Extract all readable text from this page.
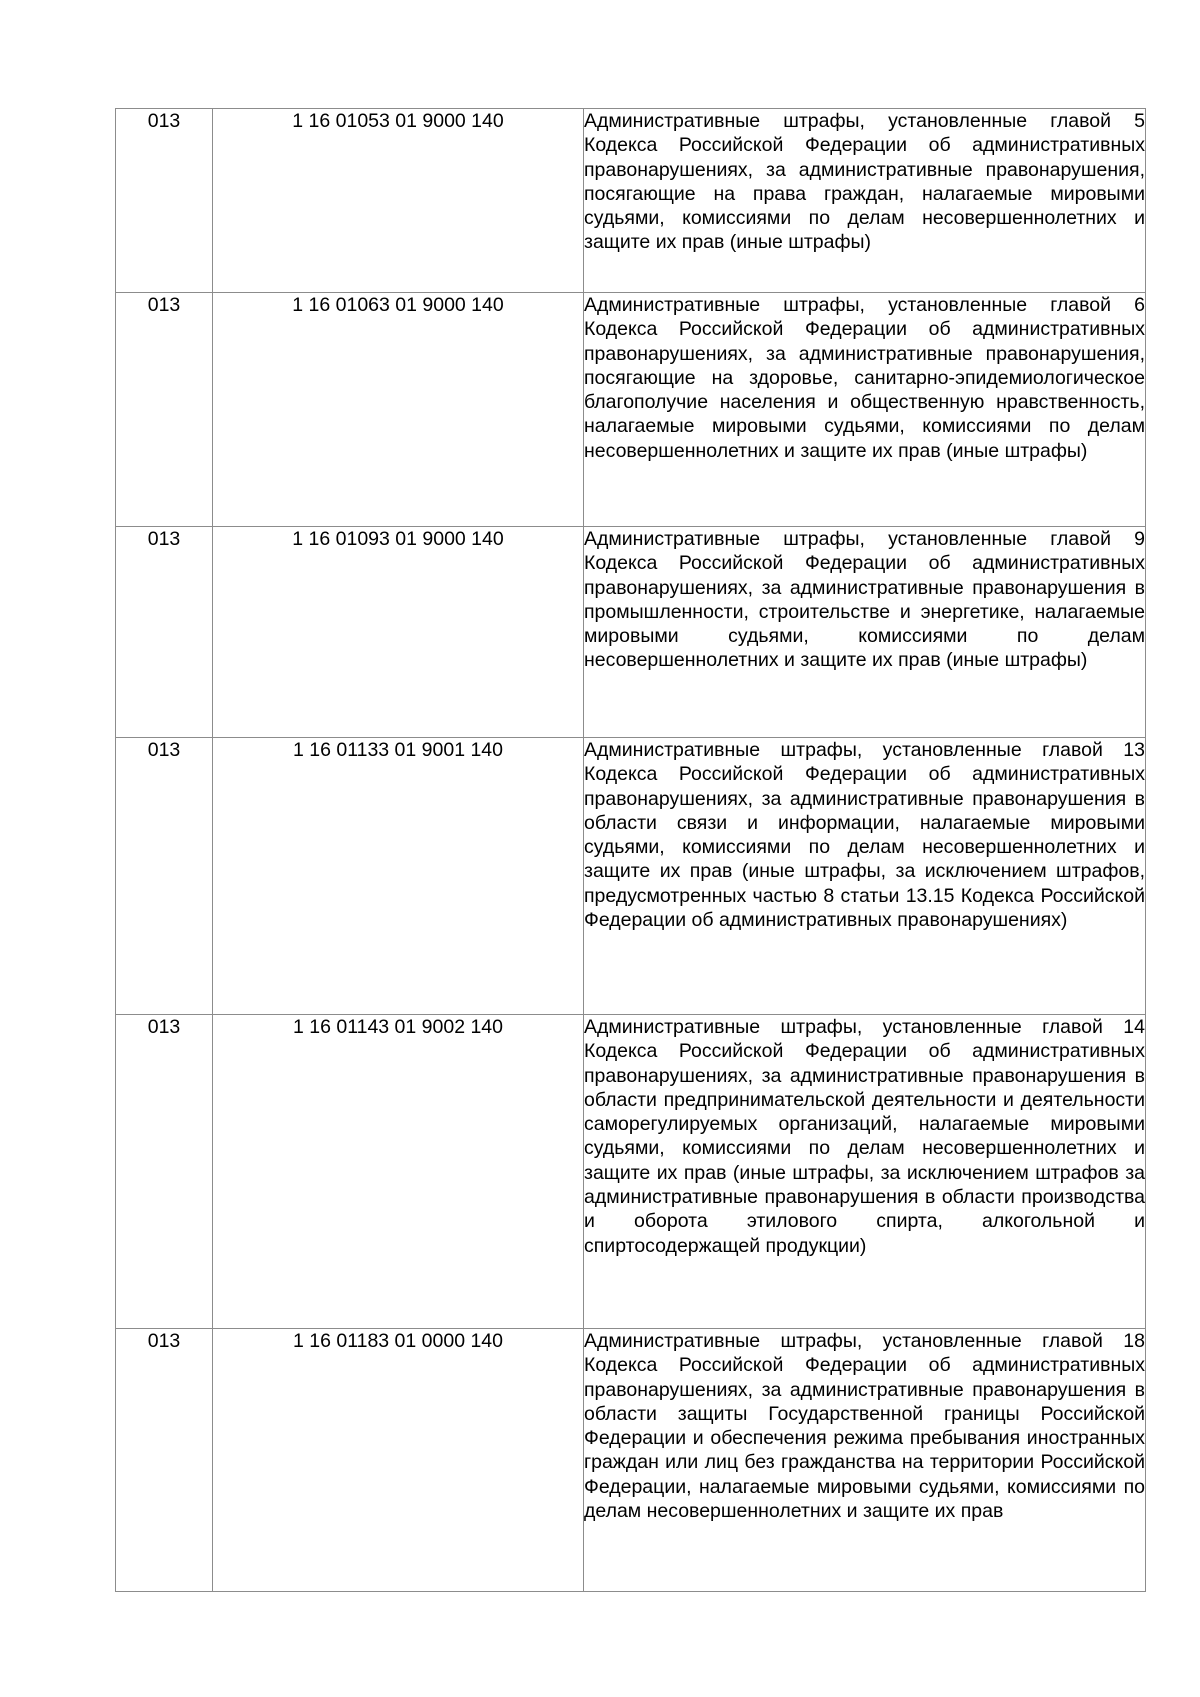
013	1 16 01053 01 9000 140	Административные штрафы, установленные главой 5 Кодекса Российской Федерации об административных правонарушениях, за административные правонарушения, посягающие на права граждан, налагаемые мировыми судьями, комиссиями по делам несовершеннолетних и защите их прав (иные штрафы)
013	1 16 01063 01 9000 140	Административные штрафы, установленные главой 6 Кодекса Российской Федерации об административных правонарушениях, за административные правонарушения, посягающие на здоровье, санитарно-эпидемиологическое благополучие населения и общественную нравственность, налагаемые мировыми судьями, комиссиями по делам несовершеннолетних и защите их прав (иные штрафы)
013	1 16 01093 01 9000 140	Административные штрафы, установленные главой 9 Кодекса Российской Федерации об административных правонарушениях, за административные правонарушения в промышленности, строительстве и энергетике, налагаемые мировыми судьями, комиссиями по делам несовершеннолетних и защите их прав (иные штрафы)
013	1 16 01133 01 9001 140	Административные штрафы, установленные главой 13 Кодекса Российской Федерации об административных правонарушениях, за административные правонарушения в области связи и информации, налагаемые мировыми судьями, комиссиями по делам несовершеннолетних и защите их прав (иные штрафы, за исключением штрафов, предусмотренных частью 8 статьи 13.15 Кодекса Российской Федерации об административных правонарушениях)
013	1 16 01143 01 9002 140	Административные штрафы, установленные главой 14 Кодекса Российской Федерации об административных правонарушениях, за административные правонарушения в области предпринимательской деятельности и деятельности саморегулируемых организаций, налагаемые мировыми судьями, комиссиями по делам несовершеннолетних и защите их прав (иные штрафы, за исключением штрафов за административные правонарушения в области производства и оборота этилового спирта, алкогольной и спиртосодержащей продукции)
013	1 16 01183 01 0000 140	Административные штрафы, установленные главой 18 Кодекса Российской Федерации об административных правонарушениях, за административные правонарушения в области защиты Государственной границы Российской Федерации и обеспечения режима пребывания иностранных граждан или лиц без гражданства на территории Российской Федерации, налагаемые мировыми судьями, комиссиями по делам несовершеннолетних и защите их прав
